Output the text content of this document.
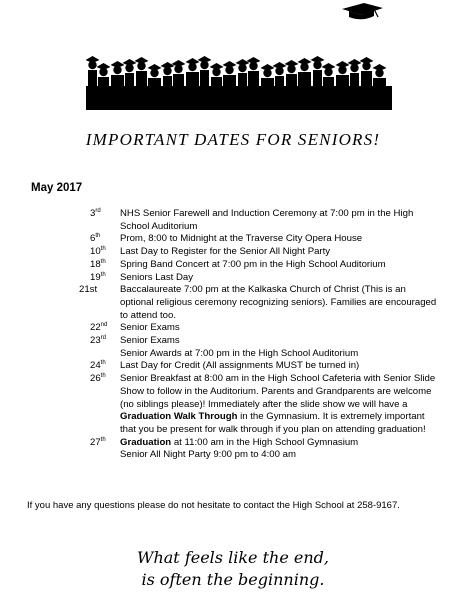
IMPORTANT DATES FOR SENIORS!
May 2017
3rd	NHS Senior Farewell and Induction Ceremony at 7:00 pm in the High School Auditorium
6th	Prom, 8:00 to Midnight at the Traverse City Opera House
10th	Last Day to Register for the Senior All Night Party
18th	Spring Band Concert at 7:00 pm in the High School Auditorium
19th	Seniors Last Day
21st	Baccalaureate 7:00 pm at the Kalkaska Church of Christ (This is an optional religious ceremony recognizing seniors). Families are encouraged to attend too.
22nd	Senior Exams
23rd	Senior Exams
Senior Awards at 7:00 pm in the High School Auditorium
24th	Last Day for Credit (All assignments MUST be turned in)
26th	Senior Breakfast at 8:00 am in the High School Cafeteria with Senior Slide Show to follow in the Auditorium. Parents and Grandparents are welcome (no siblings please)! Immediately after the slide show we will have a Graduation Walk Through in the Gymnasium. It is extremely important that you be present for walk through if you plan on attending graduation!
27th	Graduation at 11:00 am in the High School Gymnasium
Senior All Night Party 9:00 pm to 4:00 am
If you have any questions please do not hesitate to contact the High School at 258-9167.
What feels like the end,
is often the beginning.
